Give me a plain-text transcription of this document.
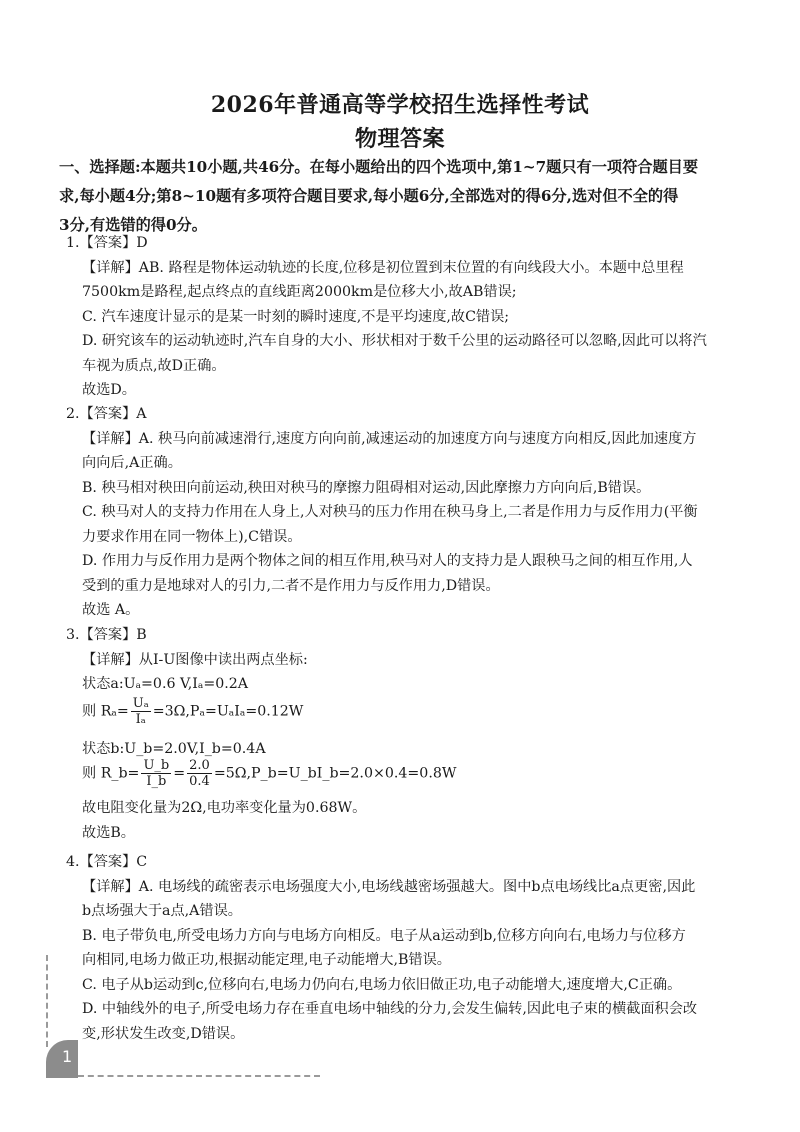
2026年普通高等学校招生选择性考试
物理答案
一、选择题:本题共10小题,共46分。在每小题给出的四个选项中,第1~7题只有一项符合题目要
求,每小题4分;第8~10题有多项符合题目要求,每小题6分,全部选对的得6分,选对但不全的得
3分,有选错的得0分。

1.【答案】D

【详解】AB. 路程是物体运动轨迹的长度,位移是初位置到末位置的有向线段大小。本题中总里程

7500km是路程,起点终点的直线距离2000km是位移大小,故AB错误;

C. 汽车速度计显示的是某一时刻的瞬时速度,不是平均速度,故C错误;

D. 研究该车的运动轨迹时,汽车自身的大小、形状相对于数千公里的运动路径可以忽略,因此可以将汽

车视为质点,故D正确。

故选D。

2.【答案】A

【详解】A. 秧马向前减速滑行,速度方向向前,减速运动的加速度方向与速度方向相反,因此加速度方

向向后,A正确。

B. 秧马相对秧田向前运动,秧田对秧马的摩擦力阻碍相对运动,因此摩擦力方向向后,B错误。

C. 秧马对人的支持力作用在人身上,人对秧马的压力作用在秧马身上,二者是作用力与反作用力(平衡

力要求作用在同一物体上),C错误。

D. 作用力与反作用力是两个物体之间的相互作用,秧马对人的支持力是人跟秧马之间的相互作用,人

受到的重力是地球对人的引力,二者不是作用力与反作用力,D错误。

故选 A。

3.【答案】B

【详解】从I-U图像中读出两点坐标:

状态a:Uₐ=0.6 V,Iₐ=0.2A

则 $R_a= \frac{\text{Uₐ}}{\text{Iₐ}} =3\Omega,P_a=U_aI_a=0.12W$
状态b:U_b=2.0V,I_b=0.4A
则 R_b= $\frac{U\_b}{I\_b} = \frac{2.0}{0.4}$ =5Ω,P_b=U_bI_b=2.0×0.4=0.8W

故电阻变化量为2Ω,电功率变化量为0.68W。

故选B。

4.【答案】C

【详解】A. 电场线的疏密表示电场强度大小,电场线越密场强越大。图中b点电场线比a点更密,因此

b点场强大于a点,A错误。

B. 电子带负电,所受电场力方向与电场方向相反。电子从a运动到b,位移方向向右,电场力与位移方

向相同,电场力做正功,根据动能定理,电子动能增大,B错误。

C. 电子从b运动到c,位移向右,电场力仍向右,电场力依旧做正功,电子动能增大,速度增大,C正确。

D. 中轴线外的电子,所受电场力存在垂直电场中轴线的分力,会发生偏转,因此电子束的横截面积会改

变,形状发生改变,D错误。

1
